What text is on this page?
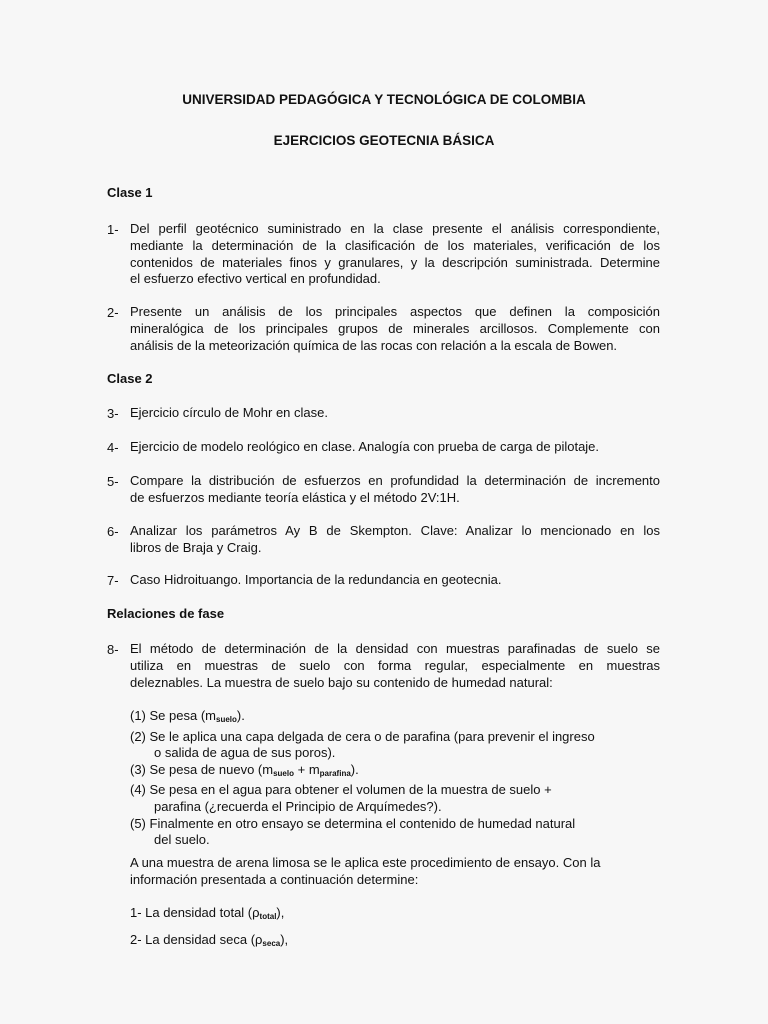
UNIVERSIDAD PEDAGÓGICA Y TECNOLÓGICA DE COLOMBIA
EJERCICIOS GEOTECNIA BÁSICA
Clase 1
1- Del perfil geotécnico suministrado en la clase presente el análisis correspondiente,
mediante la determinación de la clasificación de los materiales, verificación de los
contenidos de materiales finos y granulares, y la descripción suministrada. Determine
el esfuerzo efectivo vertical en profundidad.
2- Presente un análisis de los principales aspectos que definen la composición
mineralógica de los principales grupos de minerales arcillosos. Complemente con
análisis de la meteorización química de las rocas con relación a la escala de Bowen.
Clase 2
3- Ejercicio círculo de Mohr en clase.
4- Ejercicio de modelo reológico en clase. Analogía con prueba de carga de pilotaje.
5- Compare la distribución de esfuerzos en profundidad la determinación de incremento
de esfuerzos mediante teoría elástica y el método 2V:1H.
6- Analizar los parámetros Ay B de Skempton. Clave: Analizar lo mencionado en los
libros de Braja y Craig.
7- Caso Hidroituango. Importancia de la redundancia en geotecnia.
Relaciones de fase
8- El método de determinación de la densidad con muestras parafinadas de suelo se
utiliza en muestras de suelo con forma regular, especialmente en muestras
deleznables. La muestra de suelo bajo su contenido de humedad natural:
(1) Se pesa $(m_{suelo})$.
(2) Se le aplica una capa delgada de cera o de parafina (para prevenir el ingreso
o salida de agua de sus poros).
(3) Se pesa de nuevo $(m_{suelo} + m_{parafina})$.
(4) Se pesa en el agua para obtener el volumen de la muestra de suelo +
parafina (¿recuerda el Principio de Arquímedes?).
(5) Finalmente en otro ensayo se determina el contenido de humedad natural
del suelo.
A una muestra de arena limosa se le aplica este procedimiento de ensayo. Con la
información presentada a continuación determine:
1- La densidad total $(\rho_{total})$,
2- La densidad seca $(\rho_{seca})$,
